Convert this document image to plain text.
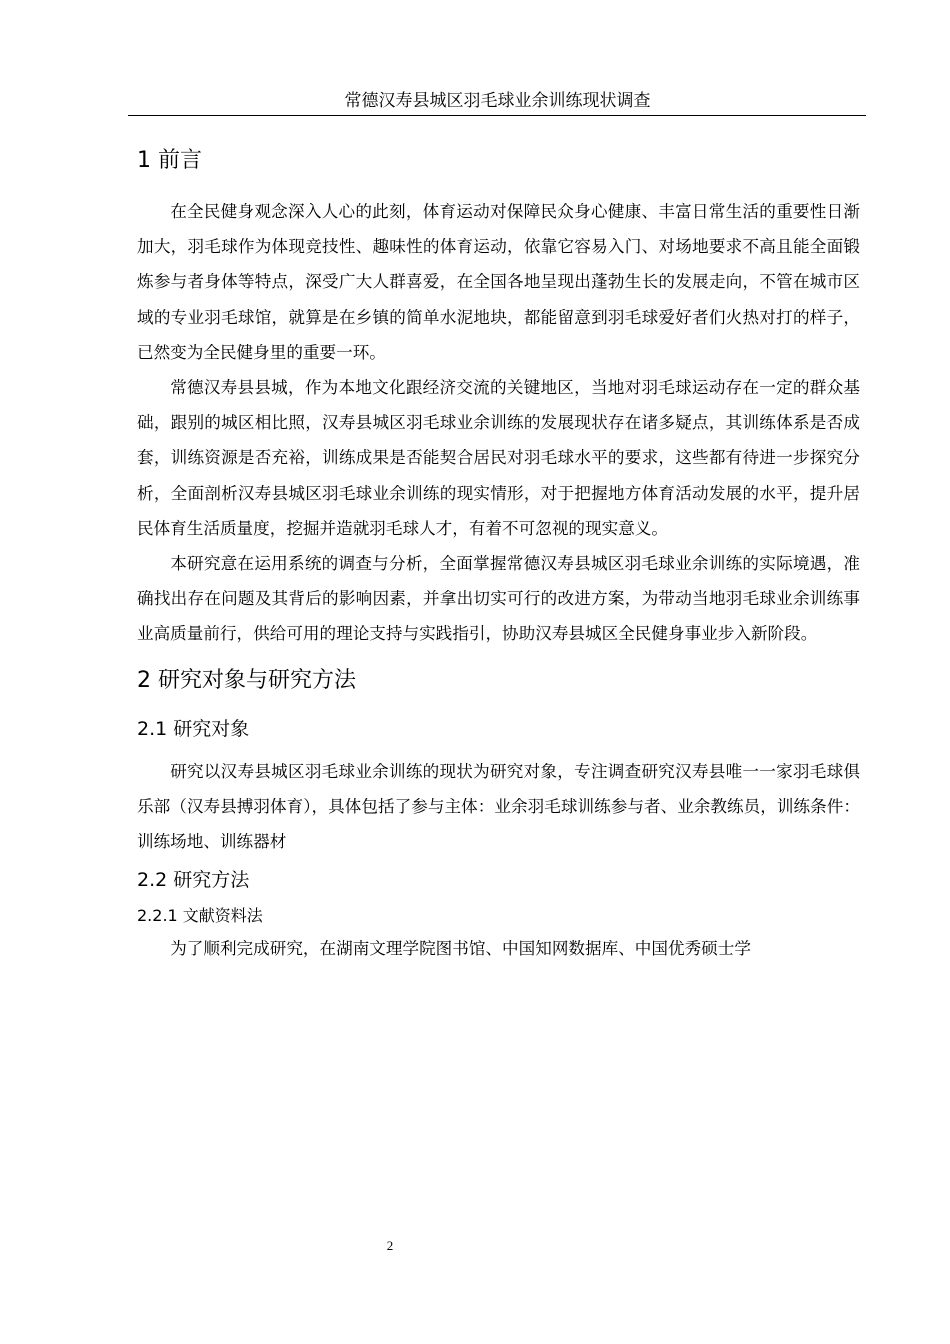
常德汉寿县城区羽毛球业余训练现状调查
1 前言

在全民健身观念深入人心的此刻，体育运动对保障民众身心健康、丰富日常生活的重要性日渐加大，羽毛球作为体现竞技性、趣味性的体育运动，依靠它容易入门、对场地要求不高且能全面锻炼参与者身体等特点，深受广大人群喜爱，在全国各地呈现出蓬勃生长的发展走向，不管在城市区域的专业羽毛球馆，就算是在乡镇的简单水泥地块，都能留意到羽毛球爱好者们火热对打的样子，已然变为全民健身里的重要一环。

常德汉寿县县城，作为本地文化跟经济交流的关键地区，当地对羽毛球运动存在一定的群众基础，跟别的城区相比照，汉寿县城区羽毛球业余训练的发展现状存在诸多疑点，其训练体系是否成套，训练资源是否充裕，训练成果是否能契合居民对羽毛球水平的要求，这些都有待进一步探究分析，全面剖析汉寿县城区羽毛球业余训练的现实情形，对于把握地方体育活动发展的水平，提升居民体育生活质量度，挖掘并造就羽毛球人才，有着不可忽视的现实意义。

本研究意在运用系统的调查与分析，全面掌握常德汉寿县城区羽毛球业余训练的实际境遇，准确找出存在问题及其背后的影响因素，并拿出切实可行的改进方案，为带动当地羽毛球业余训练事业高质量前行，供给可用的理论支持与实践指引，协助汉寿县城区全民健身事业步入新阶段。

2 研究对象与研究方法
2.1 研究对象

研究以汉寿县城区羽毛球业余训练的现状为研究对象，专注调查研究汉寿县唯一一家羽毛球俱乐部（汉寿县搏羽体育），具体包括了参与主体：业余羽毛球训练参与者、业余教练员，训练条件：训练场地、训练器材

2.2 研究方法
2.2.1 文献资料法

为了顺利完成研究，在湖南文理学院图书馆、中国知网数据库、中国优秀硕士学

2
